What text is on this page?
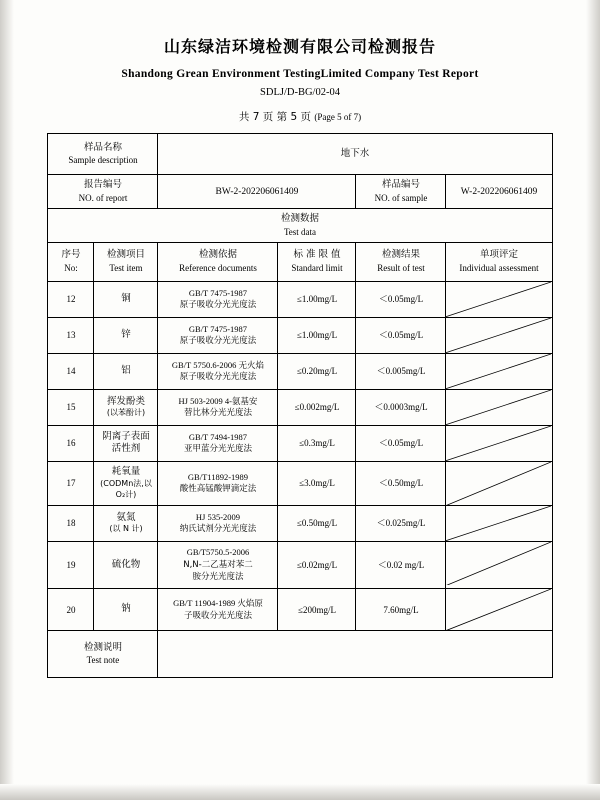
山东绿洁环境检测有限公司检测报告
Shandong Grean Environment TestingLimited Company Test Report
SDLJ/D-BG/02-04
共 7 页 第 5 页 (Page 5 of 7)
样品名称
Sample description		地下水			

报告编号
NO. of report		BW-2-202206061409		样品编号
NO. of sample	W-2-202206061409

检测数据
Test data					

序号
No:	检测项目
Test item	检测依据
Reference documents	标 准 限 值
Standard limit	检测结果
Result of test	单项评定
Individual assessment

12	铜	GB/T 7475-1987
原子吸收分光光度法	≤1.00mg/L	＜0.05mg/L

13	锌	GB/T 7475-1987
原子吸收分光光度法	≤1.00mg/L	＜0.05mg/L

14	铝	GB/T 5750.6-2006 无火焰
原子吸收分光光度法	≤0.20mg/L	＜0.005mg/L

15	挥发酚类
(以苯酚计)	HJ 503-2009 4-氨基安
替比林分光光度法	≤0.002mg/L	＜0.0003mg/L

16	阴离子表面
活性剂	GB/T 7494-1987
亚甲蓝分光光度法	≤0.3mg/L	＜0.05mg/L

17	耗氧量
(CODMn法,以 O₂计)	GB/T11892-1989
酸性高锰酸钾滴定法	≤3.0mg/L	＜0.50mg/L

18	氨氮
(以 N 计)	HJ 535-2009
纳氏试剂分光光度法	≤0.50mg/L	＜0.025mg/L

19	硫化物	GB/T5750.5-2006
N,N-二乙基对苯二
胺分光光度法	≤0.02mg/L	＜0.02 mg/L

20	钠	GB/T 11904-1989 火焰原
子吸收分光光度法	≤200mg/L	7.60mg/L

检测说明
Test note					
